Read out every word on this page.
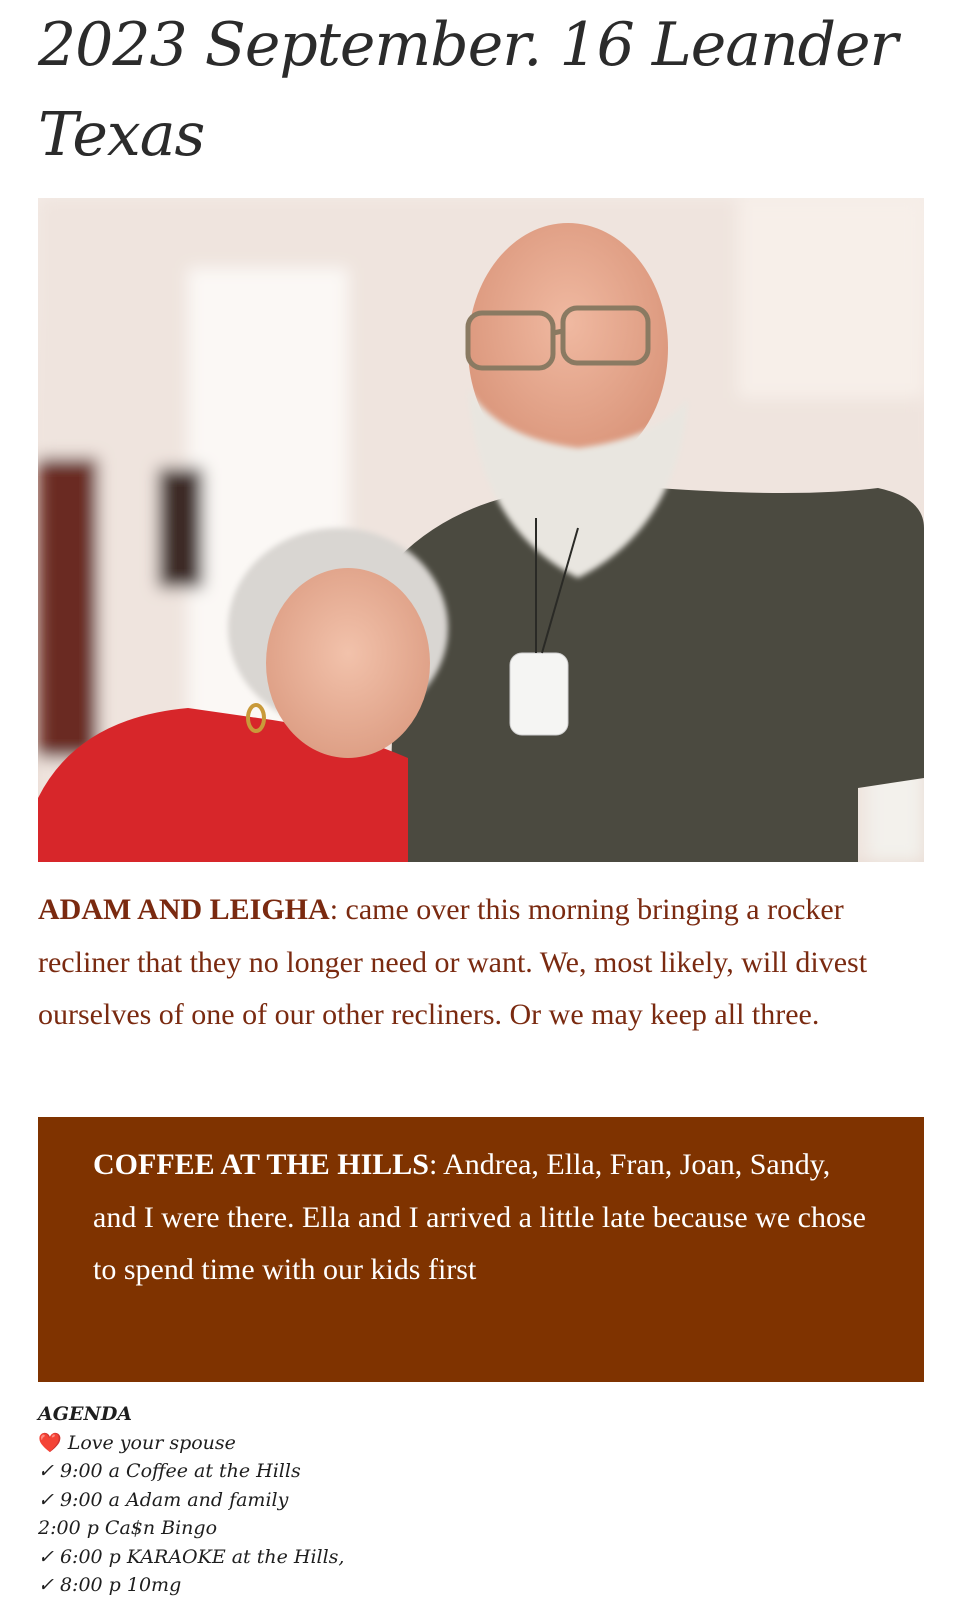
2023 September. 16 Leander Texas

ADAM AND LEIGHA: came over this morning bringing a rocker recliner that they no longer need or want. We, most likely, will divest ourselves of one of our other recliners. Or we may keep all three.

COFFEE AT THE HILLS: Andrea, Ella, Fran, Joan, Sandy, and I were there. Ella and I arrived a little late because we chose to spend time with our kids first

AGENDA
❤️ Love your spouse
✓ 9:00 a Coffee at the Hills
✓ 9:00 a Adam and family
2:00 p Ca$n Bingo
✓ 6:00 p KARAOKE at the Hills,
✓ 8:00 p 10mg
